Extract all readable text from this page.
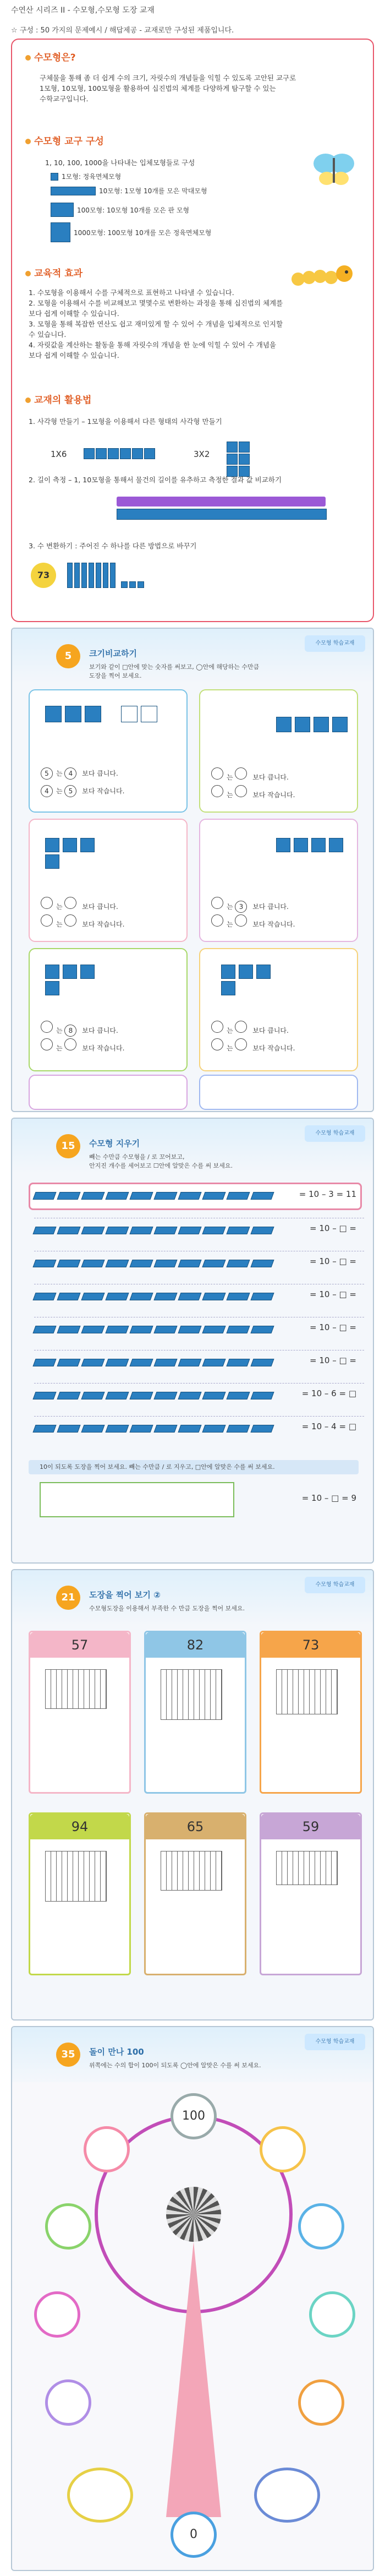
수연산 시리즈 II - 수모형,수모형 도장 교재
☆ 구성 : 50 가지의 문제예시 / 해답제공 - 교재로만 구성된 제품입니다.
수모형은?
구체물을 통해 좀 더 쉽게 수의 크기, 자릿수의 개념들을 익힐 수 있도록 고안된 교구로
1모형, 10모형, 100모형을 활용하여 십진법의 체계를 다양하게 탐구할 수 있는
수학교구입니다.
수모형 교구 구성
1, 10, 100, 1000을 나타내는 입체모형들로 구성
1모형: 정육면체모형
10모형: 1모형 10개를 모은 막대모형
100모형: 10모형 10개를 모은 판 모형
1000모형: 100모형 10개를 모은 정육면체모형
교육적 효과
1. 수모형을 이용해서 수를 구체적으로 표현하고 나타낼 수 있습니다.
2. 모형을 이용해서 수를 비교해보고 몇몇수로 변환하는 과정을 통해 십진법의 체계를
보다 쉽게 이해할 수 있습니다.
3. 모형을 통해 복잡한 연산도 쉽고 재미있게 할 수 있어 수 개념을 입체적으로 인지할
수 있습니다.
4. 자릿값을 계산하는 활동을 통해 자릿수의 개념을 한 눈에 익힐 수 있어 수 개념을
보다 쉽게 이해할 수 있습니다.
교재의 활용법
1. 사각형 만들기 – 1모형을 이용해서 다른 형태의 사각형 만들기
1X6	3X2
2. 길이 측정 – 1, 10모형을 통해서 물건의 길이를 유추하고 측정한 결과 값 비교하기
3. 수 변환하기 : 주어진 수 하나를 다른 방법으로 바꾸기
73
5	크기비교하기
수모형 학습교재
보기와 같이 □안에 맞는 숫자를 써보고, ◯안에 해당하는 수만큼
도장을 찍어 보세요.
5 는 4 보다 큽니다.
4 는 5 보다 작습니다.
는	보다 큽니다.
는	보다 작습니다.
는	보다 큽니다.
는	보다 작습니다.
는 3 보다 큽니다.
는	보다 작습니다.
는 8 보다 큽니다.
는	보다 작습니다.
는	보다 큽니다.
는	보다 작습니다.
15	수모형 지우기
수모형 학습교재
빼는 수만큼 수모형을 / 로 꼬어보고,
안지진 개수를 세어보고 ☐안에 알맞은 수를 써 보세요.
= 10 – 3 = 11
= 10 – □ =
= 10 – □ =
= 10 – □ =
= 10 – □ =
= 10 – □ =
= 10 – 6 = □
= 10 – 4 = □
10이 되도록 도장을 찍어 보세요. 빼는 수만큼 / 로 지우고, □안에 알맞은 수를 써 보세요.
= 10 – □ = 9
21	도장을 찍어 보기 ②
수모형 학습교재
수모형도장을 이용해서 부족한 수 만큼 도장을 찍어 보세요.
57	82	73
94	65	59
35	돌이 만나 100
수모형 학습교재
위쪽에는 수의 합이 100이 되도록 ◯안에 알맞은 수를 써 보세요.
100
0
